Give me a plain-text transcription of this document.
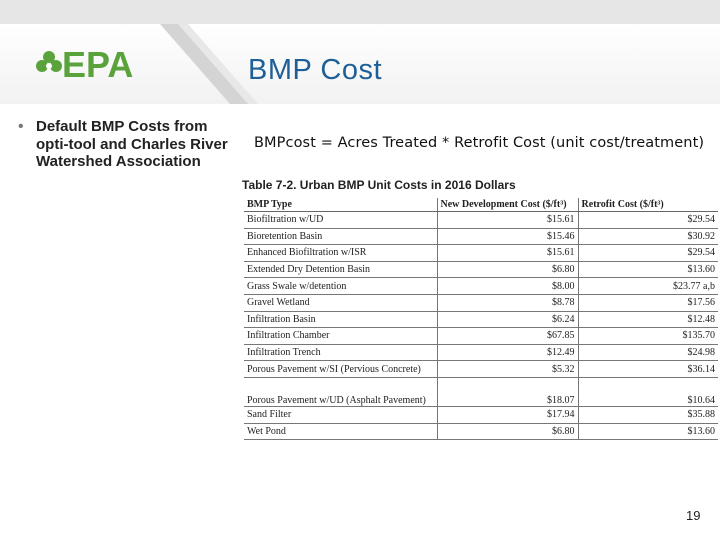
EPA	BMP Cost
• Default BMP Costs from opti-tool and Charles River Watershed Association
BMPcost = Acres Treated * Retrofit Cost (unit cost/treatment)
Table 7-2. Urban BMP Unit Costs in 2016 Dollars
BMP Type	New Development Cost ($/ft³)	Retrofit Cost ($/ft³)
Biofiltration w/UD	$15.61	$29.54
Bioretention Basin	$15.46	$30.92
Enhanced Biofiltration w/ISR	$15.61	$29.54
Extended Dry Detention Basin	$6.80	$13.60
Grass Swale w/detention	$8.00	$23.77 a,b
Gravel Wetland	$8.78	$17.56
Infiltration Basin	$6.24	$12.48
Infiltration Chamber	$67.85	$135.70
Infiltration Trench	$12.49	$24.98
Porous Pavement w/SI (Pervious Concrete)	$5.32	$36.14
Porous Pavement w/UD (Asphalt Pavement)	$18.07	$10.64
Sand Filter	$17.94	$35.88
Wet Pond	$6.80	$13.60
19
